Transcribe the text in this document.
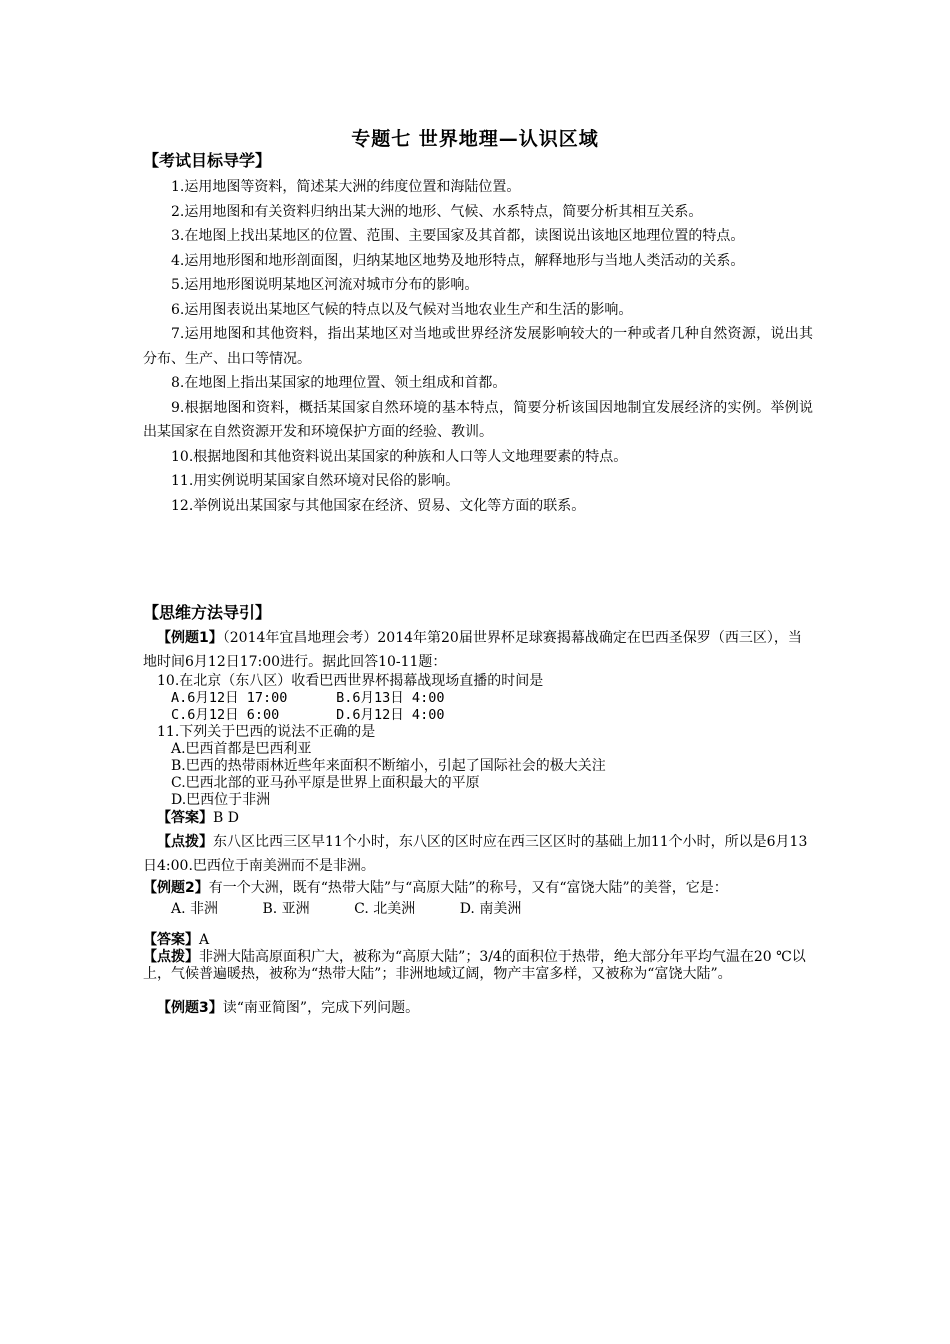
专题七 世界地理—认识区域
【考试目标导学】

1.运用地图等资料，简述某大洲的纬度位置和海陆位置。

2.运用地图和有关资料归纳出某大洲的地形、气候、水系特点，简要分析其相互关系。

3.在地图上找出某地区的位置、范围、主要国家及其首都，读图说出该地区地理位置的特点。

4.运用地形图和地形剖面图，归纳某地区地势及地形特点，解释地形与当地人类活动的关系。

5.运用地形图说明某地区河流对城市分布的影响。

6.运用图表说出某地区气候的特点以及气候对当地农业生产和生活的影响。

7.运用地图和其他资料，指出某地区对当地或世界经济发展影响较大的一种或者几种自然资源，说出其分布、生产、出口等情况。

8.在地图上指出某国家的地理位置、领土组成和首都。

9.根据地图和资料，概括某国家自然环境的基本特点，简要分析该国因地制宜发展经济的实例。举例说出某国家在自然资源开发和环境保护方面的经验、教训。

10.根据地图和其他资料说出某国家的种族和人口等人文地理要素的特点。

11.用实例说明某国家自然环境对民俗的影响。

12.举例说出某国家与其他国家在经济、贸易、文化等方面的联系。

【思维方法导引】

【例题1】（2014年宜昌地理会考）2014年第20届世界杯足球赛揭幕战确定在巴西圣保罗（西三区），当地时间6月12日17:00进行。据此回答10-11题：

10.在北京（东八区）收看巴西世界杯揭幕战现场直播的时间是

A.6月12日 17:00      B.6月13日 4:00
C.6月12日 6:00       D.6月12日 4:00

11.下列关于巴西的说法不正确的是

A.巴西首都是巴西利亚
B.巴西的热带雨林近些年来面积不断缩小，引起了国际社会的极大关注
C.巴西北部的亚马孙平原是世界上面积最大的平原
D.巴西位于非洲

【答案】B D

【点拨】东八区比西三区早11个小时，东八区的区时应在西三区区时的基础上加11个小时，所以是6月13日4:00.巴西位于南美洲而不是非洲。

【例题2】有一个大洲，既有“热带大陆”与“高原大陆”的称号，又有“富饶大陆”的美誉，它是：

A. 非洲	B. 亚洲	C. 北美洲	D. 南美洲

【答案】A

【点拨】非洲大陆高原面积广大，被称为“高原大陆”；3/4的面积位于热带，绝大部分年平均气温在20 ℃以上，气候普遍暖热，被称为“热带大陆”；非洲地域辽阔，物产丰富多样，又被称为“富饶大陆”。

【例题3】读“南亚简图”，完成下列问题。
